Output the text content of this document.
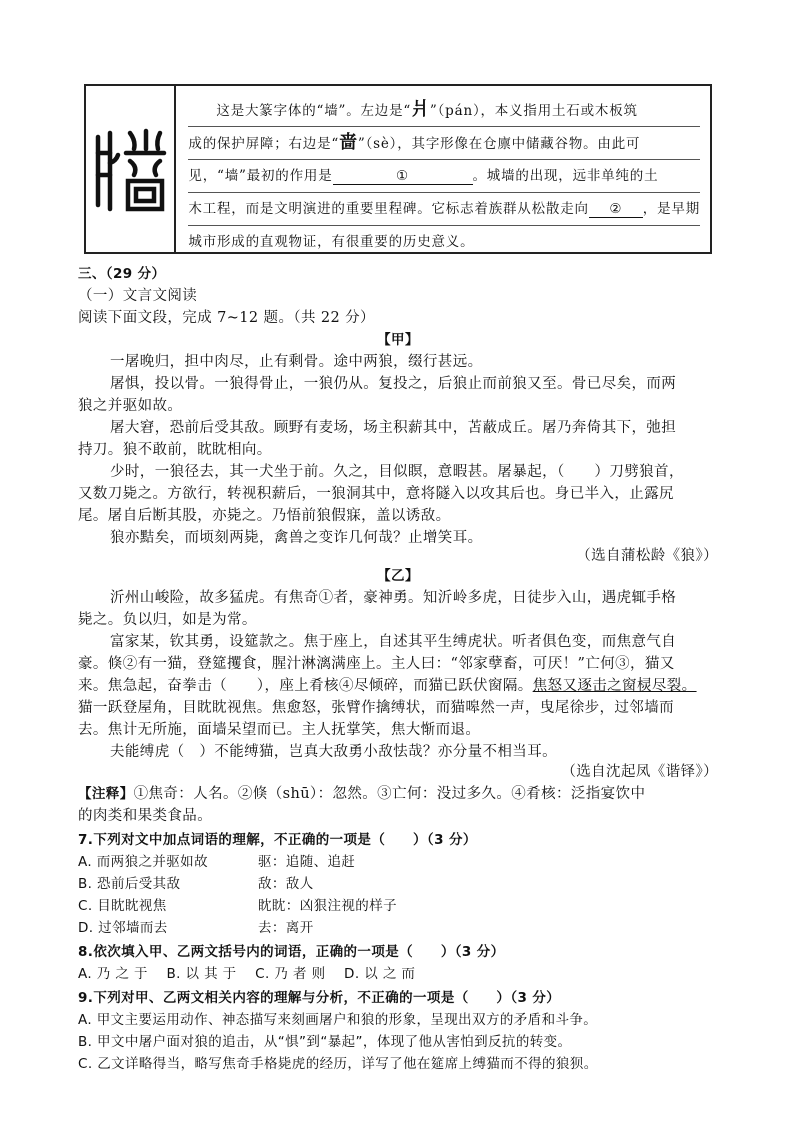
这是大篆字体的“墙”。左边是“爿”（pán），本义指用土石或木板筑
成的保护屏障；右边是“啬”（sè），其字形像在仓廪中储藏谷物。由此可
见，“墙”最初的作用是	①	。城墙的出现，远非单纯的土
木工程，而是文明演进的重要里程碑。它标志着族群从松散走向 ② ，是早期
城市形成的直观物证，有很重要的历史意义。
三、（29 分）
（一）文言文阅读
阅读下面文段，完成 7~12 题。（共 22 分）
【甲】
一屠晚归，担中肉尽，止有剩骨。途中两狼，缀行甚远。
屠惧，投以骨。一狼得骨止，一狼仍从。复投之，后狼止而前狼又至。骨已尽矣，而两
狼之并驱如故。
屠大窘，恐前后受其敌。顾野有麦场，场主积薪其中，苫蔽成丘。屠乃奔倚其下，弛担
持刀。狼不敢前，眈眈相向。
少时，一狼径去，其一犬坐于前。久之，目似瞑，意暇甚。屠暴起，（　　）刀劈狼首，
又数刀毙之。方欲行，转视积薪后，一狼洞其中，意将隧入以攻其后也。身已半入，止露尻
尾。屠自后断其股，亦毙之。乃悟前狼假寐，盖以诱敌。
狼亦黠矣，而顷刻两毙，禽兽之变诈几何哉？止增笑耳。
（选自蒲松龄《狼》）
【乙】
沂州山峻险，故多猛虎。有焦奇①者，豪神勇。知沂岭多虎，日徒步入山，遇虎辄手格
毙之。负以归，如是为常。
富家某，钦其勇，设筵款之。焦于座上，自述其平生缚虎状。听者俱色变，而焦意气自
豪。倏②有一猫，登筵攫食，腥汁淋漓满座上。主人曰：“邻家孽畜，可厌！”亡何③，猫又
来。焦急起，奋拳击（　　），座上肴核④尽倾碎，而猫已跃伏窗隔。焦怒又逐击之窗棂尽裂。
猫一跃登屋角，目眈眈视焦。焦愈怒，张臂作擒缚状，而猫嗥然一声，曳尾徐步，过邻墙而
去。焦计无所施，面墙呆望而已。主人抚掌笑，焦大惭而退。
夫能缚虎（　）不能缚猫，岂真大敌勇小敌怯哉？亦分量不相当耳。
（选自沈起凤《谐铎》）
【注释】①焦奇：人名。②倏（shū）：忽然。③亡何：没过多久。④肴核：泛指宴饮中
的肉类和果类食品。
7.下列对文中加点词语的理解，不正确的一项是（　　）（3 分）
A. 而两狼之并驱如故	驱：追随、追赶
B. 恐前后受其敌	敌：敌人
C. 目眈眈视焦	眈眈：凶狠注视的样子
D. 过邻墙而去	去：离开
8.依次填入甲、乙两文括号内的词语，正确的一项是（　　）（3 分）
A. 乃 之 于　 B. 以 其 于　 C. 乃 者 则　 D. 以 之 而
9.下列对甲、乙两文相关内容的理解与分析，不正确的一项是（　　）（3 分）
A. 甲文主要运用动作、神态描写来刻画屠户和狼的形象，呈现出双方的矛盾和斗争。
B. 甲文中屠户面对狼的追击，从“惧”到“暴起”，体现了他从害怕到反抗的转变。
C. 乙文详略得当，略写焦奇手格毙虎的经历，详写了他在筵席上缚猫而不得的狼狈。
